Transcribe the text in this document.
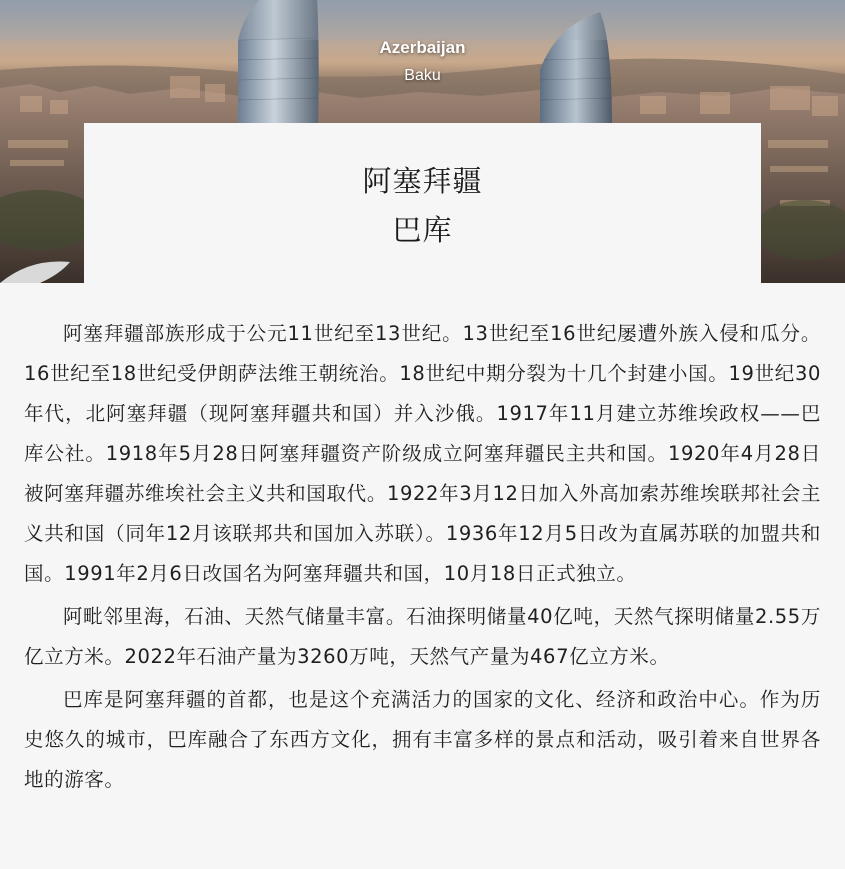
Azerbaijan
Baku
阿塞拜疆
巴库

阿塞拜疆部族形成于公元11世纪至13世纪。13世纪至16世纪屡遭外族入侵和瓜分。16世纪至18世纪受伊朗萨法维王朝统治。18世纪中期分裂为十几个封建小国。19世纪30年代，北阿塞拜疆（现阿塞拜疆共和国）并入沙俄。1917年11月建立苏维埃政权——巴库公社。1918年5月28日阿塞拜疆资产阶级成立阿塞拜疆民主共和国。1920年4月28日被阿塞拜疆苏维埃社会主义共和国取代。1922年3月12日加入外高加索苏维埃联邦社会主义共和国（同年12月该联邦共和国加入苏联）。1936年12月5日改为直属苏联的加盟共和国。1991年2月6日改国名为阿塞拜疆共和国，10月18日正式独立。

阿毗邻里海，石油、天然气储量丰富。石油探明储量40亿吨，天然气探明储量2.55万亿立方米。2022年石油产量为3260万吨，天然气产量为467亿立方米。

巴库是阿塞拜疆的首都，也是这个充满活力的国家的文化、经济和政治中心。作为历史悠久的城市，巴库融合了东西方文化，拥有丰富多样的景点和活动，吸引着来自世界各地的游客。
